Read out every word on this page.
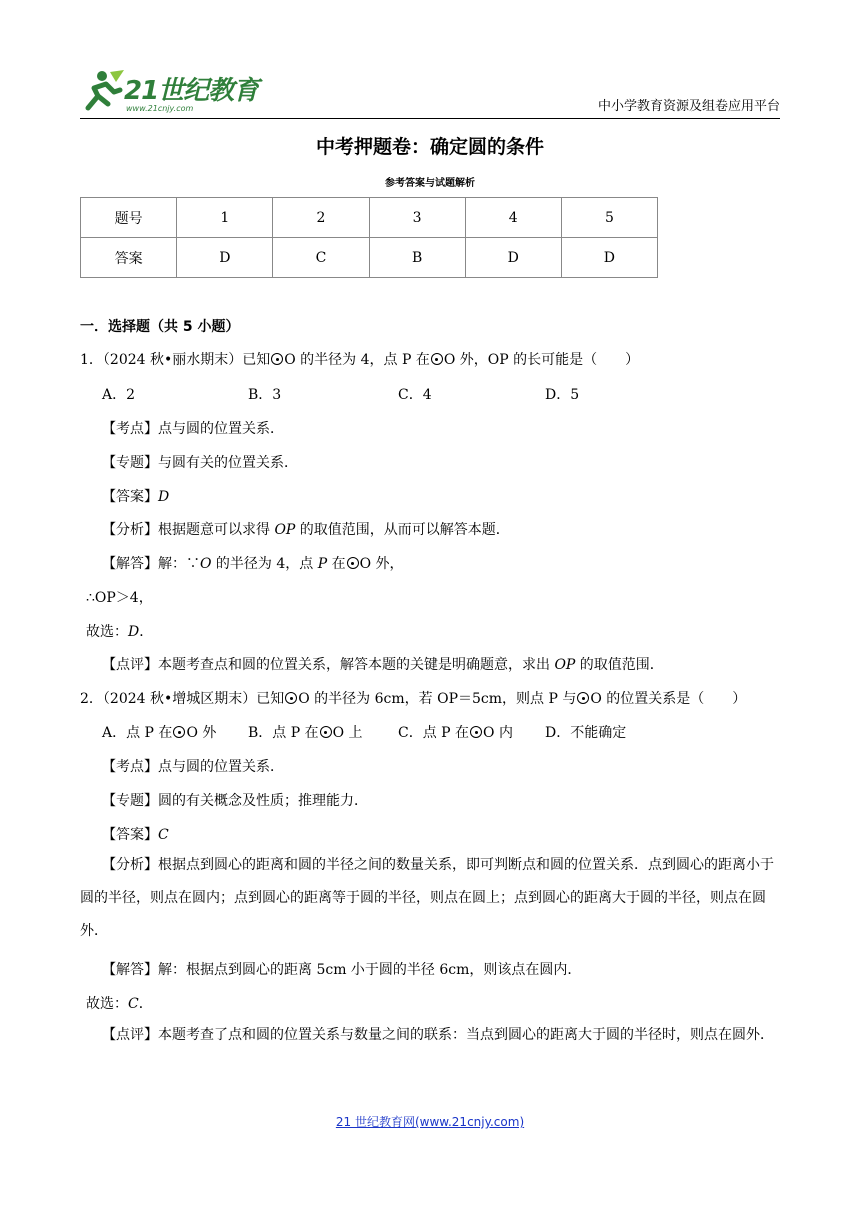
21世纪教育
www.21cnjy.com	中小学教育资源及组卷应用平台
中考押题卷：确定圆的条件
参考答案与试题解析
题号	1	2	3	4	5
答案	D	C	B	D	D
一．选择题（共 5 小题）
1．（2024 秋•丽水期末）已知 O 的半径为 4，点 P 在 O 外，OP 的长可能是（　　）
A．2	B．3	C．4	D．5
【考点】点与圆的位置关系．
【专题】与圆有关的位置关系．
【答案】D
【分析】根据题意可以求得 OP 的取值范围，从而可以解答本题．
【解答】解：∵O 的半径为 4，点 P 在 O 外，
∴OP＞4，
故选：D．
【点评】本题考查点和圆的位置关系，解答本题的关键是明确题意，求出 OP 的取值范围．
2．（2024 秋•增城区期末）已知 O 的半径为 6cm，若 OP＝5cm，则点 P 与 O 的位置关系是（　　）
A．点 P 在 O 外 B．点 P 在 O 上	C．点 P 在 O 内 D．不能确定
【考点】点与圆的位置关系．
【专题】圆的有关概念及性质；推理能力．
【答案】C
【分析】根据点到圆心的距离和圆的半径之间的数量关系，即可判断点和圆的位置关系．点到圆心的距离小于圆的半径，则点在圆内；点到圆心的距离等于圆的半径，则点在圆上；点到圆心的距离大于圆的半径，则点在圆外．
【解答】解：根据点到圆心的距离 5cm 小于圆的半径 6cm，则该点在圆内．
故选：C．
【点评】本题考查了点和圆的位置关系与数量之间的联系：当点到圆心的距离大于圆的半径时，则点在圆外．
21 世纪教育网(www.21cnjy.com)
